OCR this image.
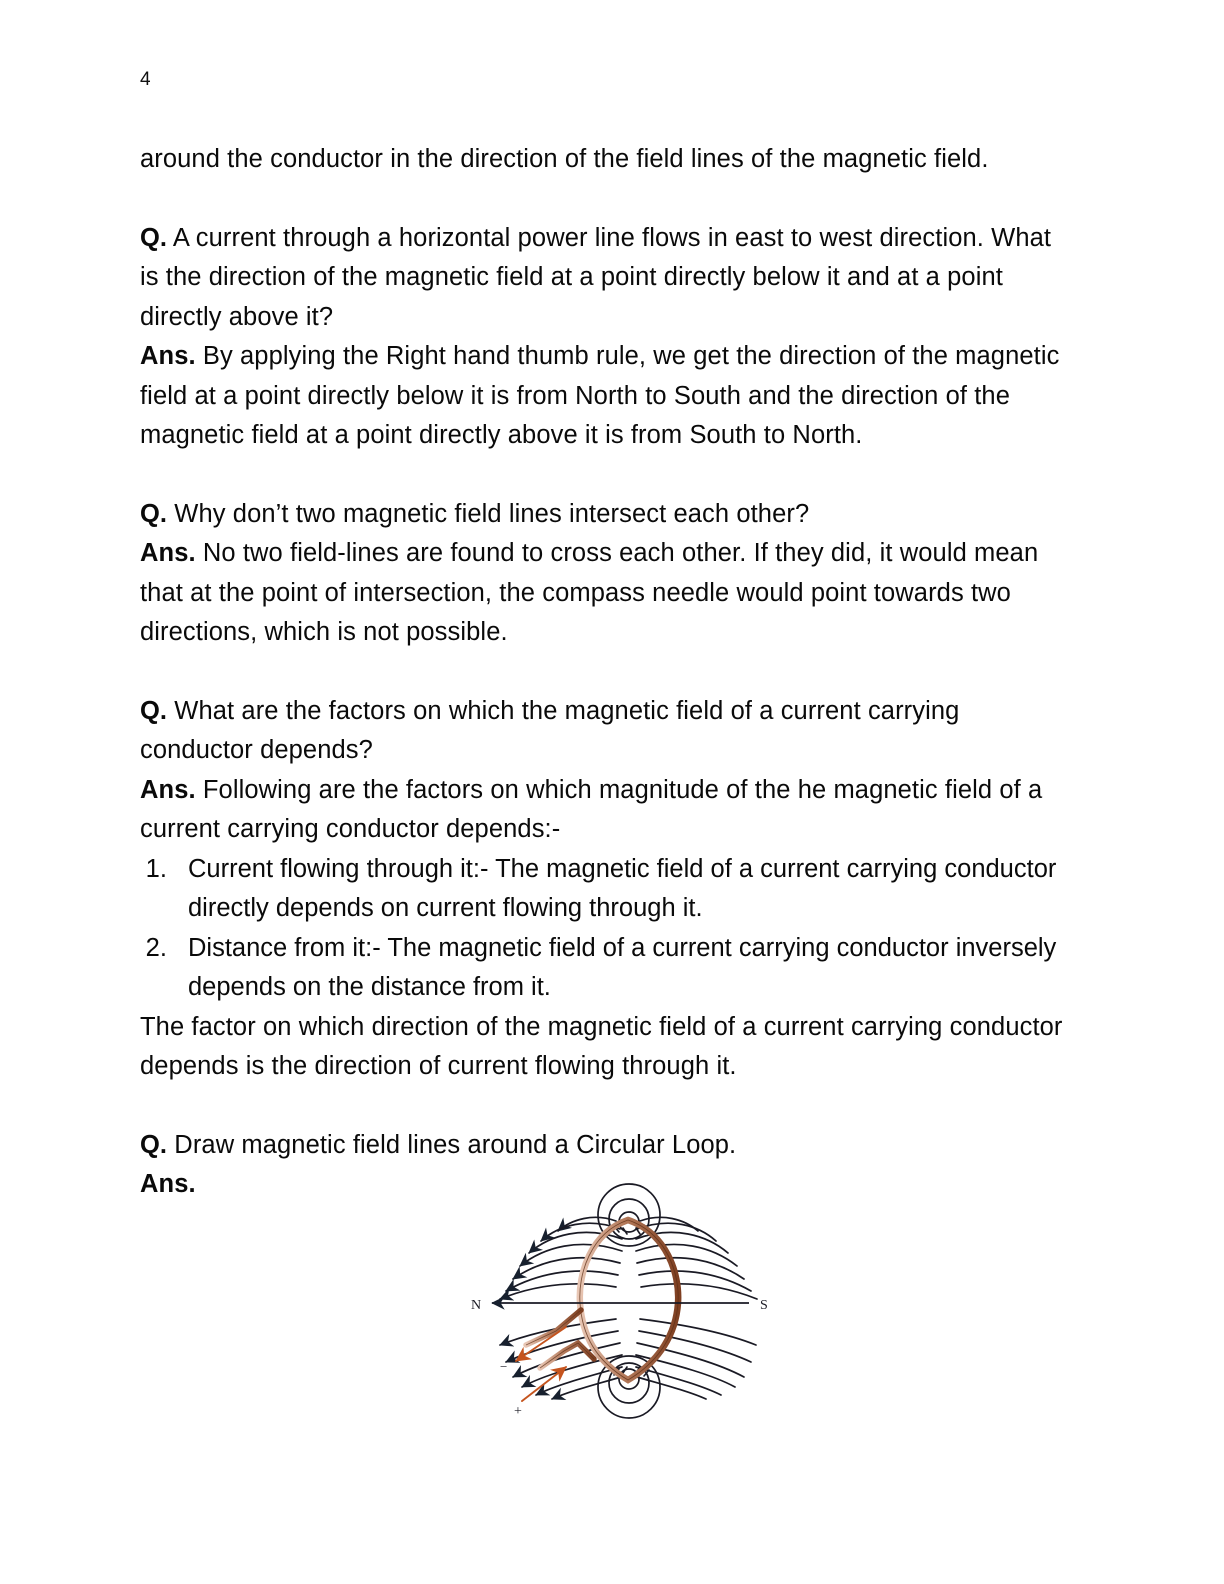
4

around the conductor in the direction of the field lines of the magnetic field.

Q. A current through a horizontal power line flows in east to west direction. What is the direction of the magnetic field at a point directly below it and at a point directly above it?

Ans. By applying the Right hand thumb rule, we get the direction of the magnetic field at a point directly below it is from North to South and the direction of the magnetic field at a point directly above it is from South to North.

Q. Why don’t two magnetic field lines intersect each other?

Ans. No two field-lines are found to cross each other. If they did, it would mean that at the point of intersection, the compass needle would point towards two directions, which is not possible.

Q. What are the factors on which the magnetic field of a current carrying conductor depends?

Ans. Following are the factors on which magnitude of the he magnetic field of a current carrying conductor depends:-

1. Current flowing through it:- The magnetic field of a current carrying conductor directly depends on current flowing through it.
2. Distance from it:- The magnetic field of a current carrying conductor inversely depends on the distance from it.

The factor on which direction of the magnetic field of a current carrying conductor depends is the direction of current flowing through it.

Q. Draw magnetic field lines around a Circular Loop.

Ans.

N	S
−
+
